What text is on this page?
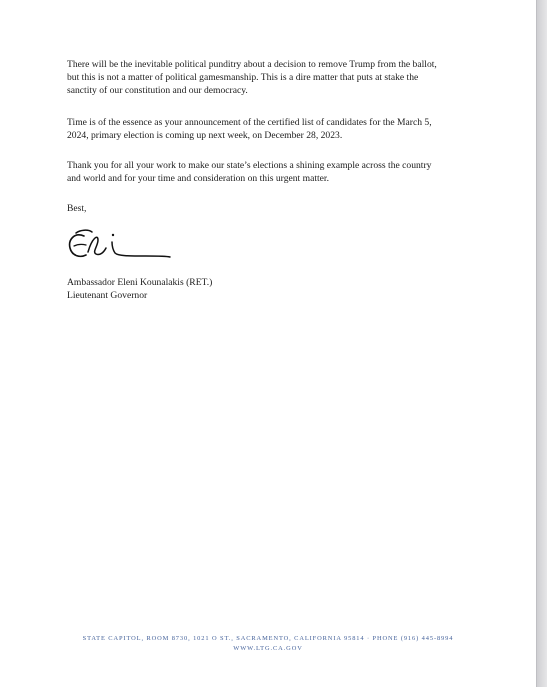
There will be the inevitable political punditry about a decision to remove Trump from the ballot,

but this is not a matter of political gamesmanship. This is a dire matter that puts at stake the

sanctity of our constitution and our democracy.

Time is of the essence as your announcement of the certified list of candidates for the March 5,

2024, primary election is coming up next week, on December 28, 2023.

Thank you for all your work to make our state’s elections a shining example across the country

and world and for your time and consideration on this urgent matter.

Best,

Ambassador Eleni Kounalakis (RET.)

Lieutenant Governor

STATE CAPITOL, ROOM 8730, 1021 O ST., SACRAMENTO, CALIFORNIA 95814 · PHONE (916) 445-8994
WWW.LTG.CA.GOV
